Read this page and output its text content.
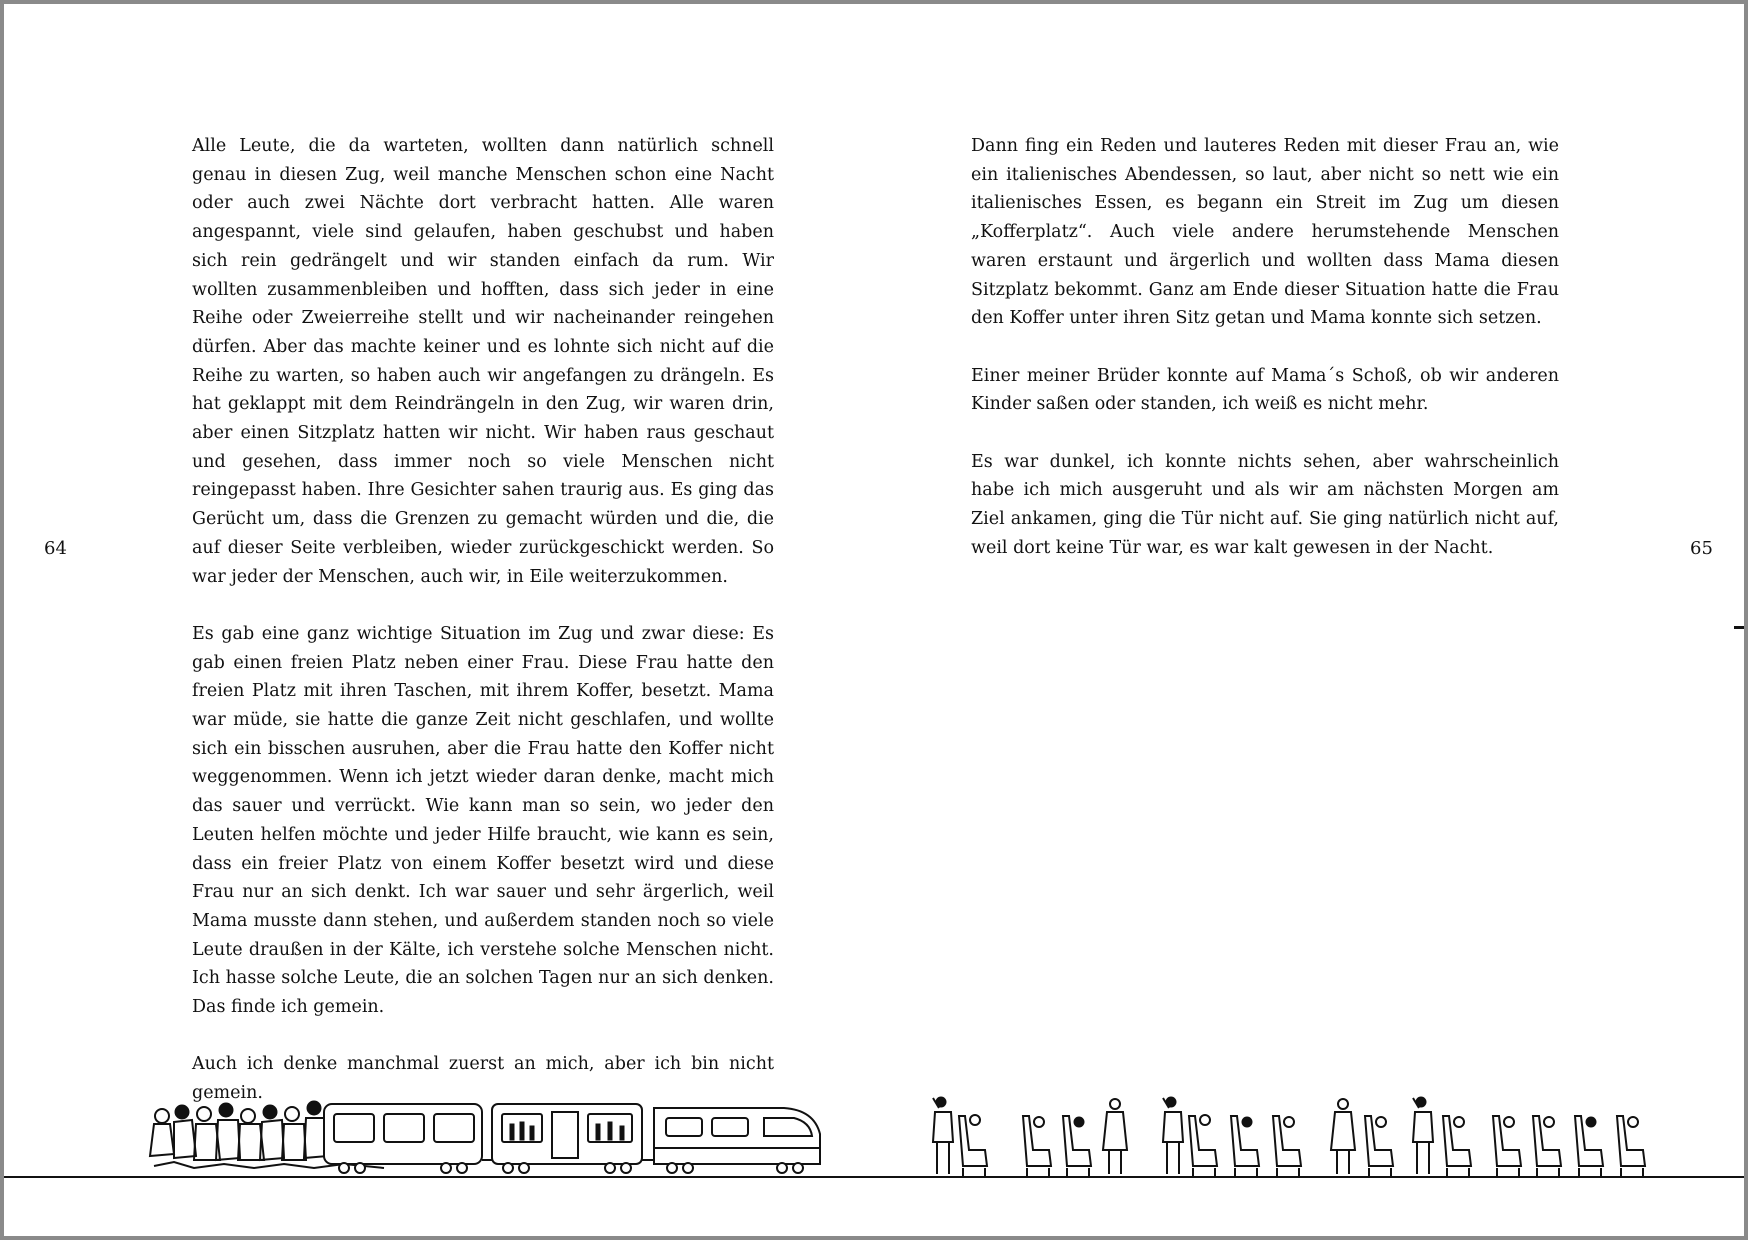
Alle Leute, die da warteten, wollten dann natürlich schnell genau in diesen Zug, weil manche Menschen schon eine Nacht oder auch zwei Nächte dort verbracht hatten. Alle waren angespannt, viele sind gelaufen, haben geschubst und haben sich rein gedrängelt und wir standen einfach da rum. Wir wollten zusammenbleiben und hofften, dass sich jeder in eine Reihe oder Zweierreihe stellt und wir nacheinander reingehen dürfen. Aber das machte keiner und es lohnte sich nicht auf die Reihe zu warten, so haben auch wir angefangen zu drängeln. Es hat geklappt mit dem Reindrängeln in den Zug, wir waren drin, aber einen Sitzplatz hatten wir nicht. Wir haben raus geschaut und gesehen, dass immer noch so viele Menschen nicht reingepasst haben. Ihre Gesichter sahen traurig aus. Es ging das Gerücht um, dass die Grenzen zu gemacht würden und die, die auf dieser Seite verbleiben, wieder zurückgeschickt werden. So war jeder der Menschen, auch wir, in Eile weiterzukommen.

Es gab eine ganz wichtige Situation im Zug und zwar diese: Es gab einen freien Platz neben einer Frau. Diese Frau hatte den freien Platz mit ihren Taschen, mit ihrem Koffer, besetzt. Mama war müde, sie hatte die ganze Zeit nicht geschlafen, und wollte sich ein bisschen ausruhen, aber die Frau hatte den Koffer nicht weggenommen. Wenn ich jetzt wieder daran denke, macht mich das sauer und verrückt. Wie kann man so sein, wo jeder den Leuten helfen möchte und jeder Hilfe braucht, wie kann es sein, dass ein freier Platz von einem Koffer besetzt wird und diese Frau nur an sich denkt. Ich war sauer und sehr ärgerlich, weil Mama musste dann stehen, und außerdem standen noch so viele Leute draußen in der Kälte, ich verstehe solche Menschen nicht. Ich hasse solche Leute, die an solchen Tagen nur an sich denken. Das finde ich gemein.

Auch ich denke manchmal zuerst an mich, aber ich bin nicht gemein.

Dann fing ein Reden und lauteres Reden mit dieser Frau an, wie ein italienisches Abendessen, so laut, aber nicht so nett wie ein italienisches Essen, es begann ein Streit im Zug um diesen „Kofferplatz“. Auch viele andere herumstehende Menschen waren erstaunt und ärgerlich und wollten dass Mama diesen Sitzplatz bekommt. Ganz am Ende dieser Situation hatte die Frau den Koffer unter ihren Sitz getan und Mama konnte sich setzen.

Einer meiner Brüder konnte auf Mama´s Schoß, ob wir anderen Kinder saßen oder standen, ich weiß es nicht mehr.

Es war dunkel, ich konnte nichts sehen, aber wahrscheinlich habe ich mich ausgeruht und als wir am nächsten Morgen am Ziel ankamen, ging die Tür nicht auf. Sie ging natürlich nicht auf, weil dort keine Tür war, es war kalt gewesen in der Nacht.

64	65
